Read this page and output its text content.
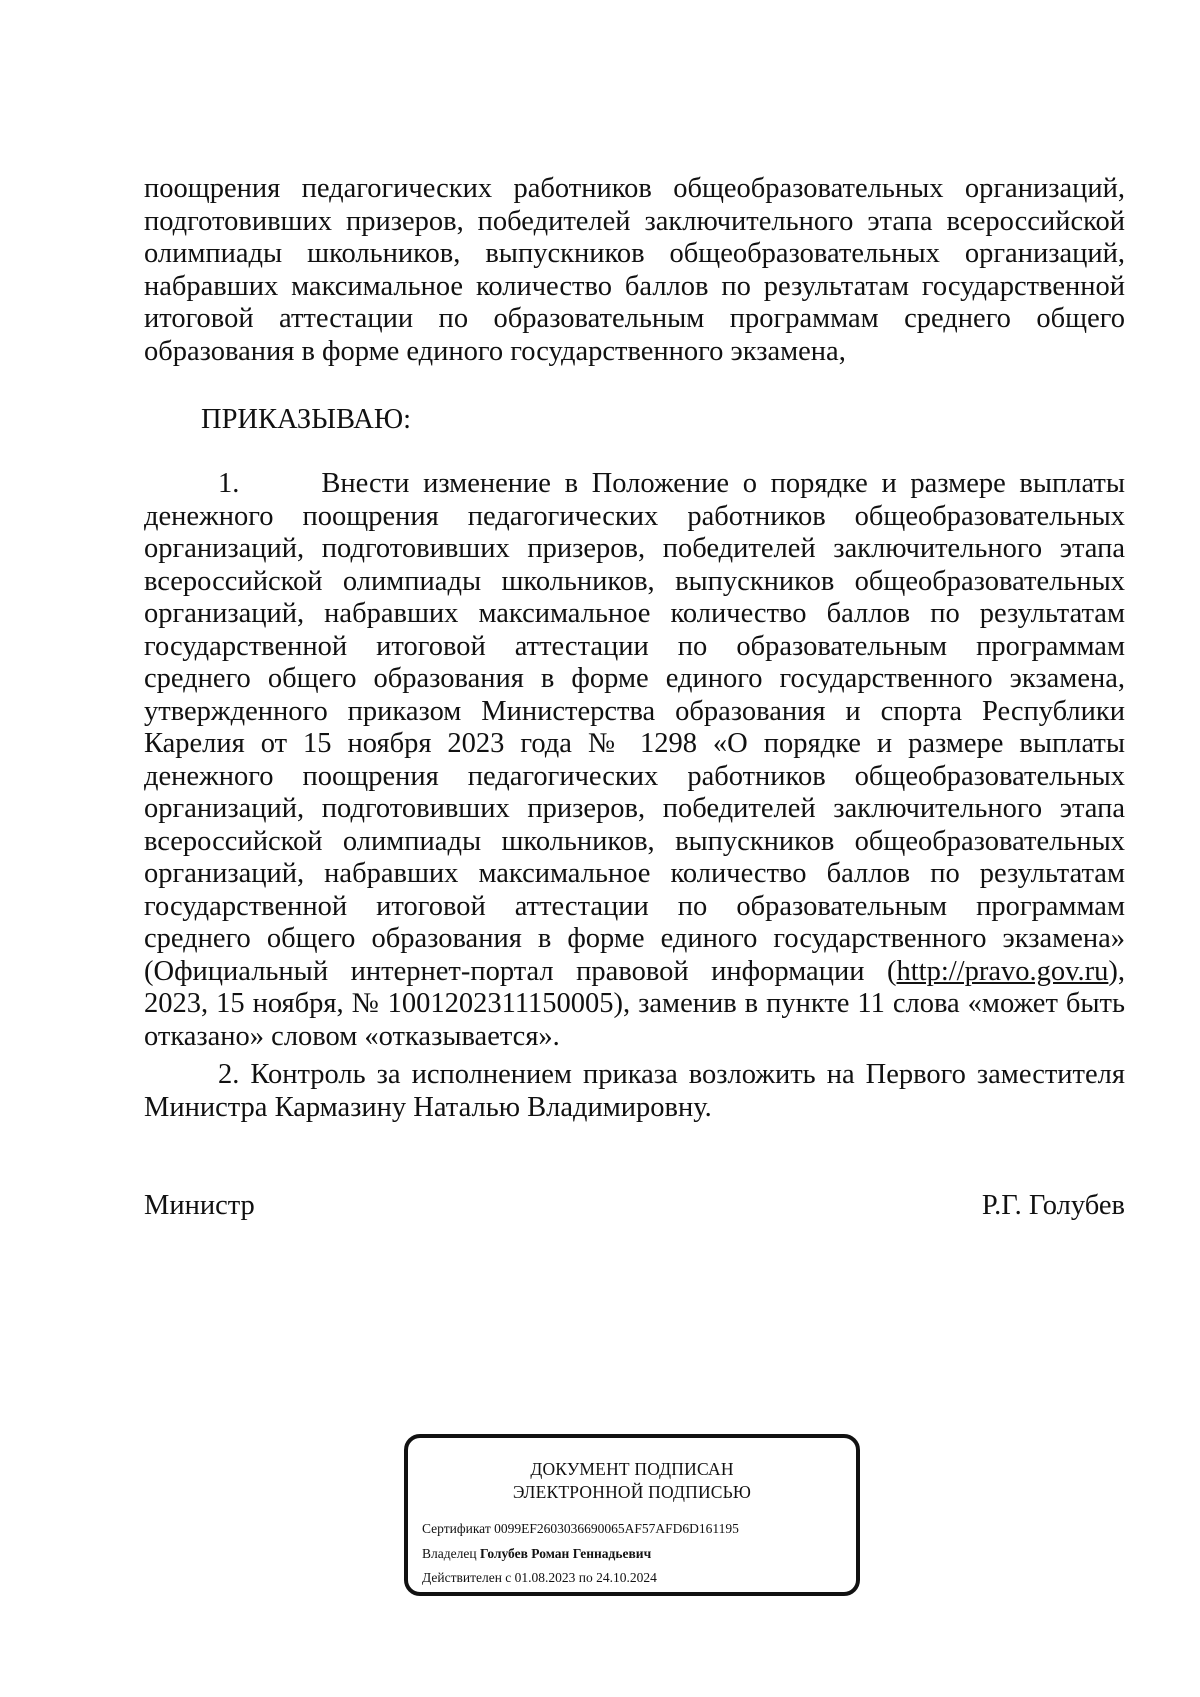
поощрения педагогических работников общеобразовательных организаций, подготовивших призеров, победителей заключительного этапа всероссийской олимпиады школьников, выпускников общеобразовательных организаций, набравших максимальное количество баллов по результатам государственной итоговой аттестации по образовательным программам среднего общего образования в форме единого государственного экзамена,

ПРИКАЗЫВАЮ:

1.	Внести изменение в Положение о порядке и размере выплаты денежного поощрения педагогических работников общеобразовательных организаций, подготовивших призеров, победителей заключительного этапа всероссийской олимпиады школьников, выпускников общеобразовательных организаций, набравших максимальное количество баллов по результатам государственной итоговой аттестации по образовательным программам среднего общего образования в форме единого государственного экзамена, утвержденного приказом Министерства образования и спорта Республики Карелия от 15 ноября 2023 года № 1298 «О порядке и размере выплаты денежного поощрения педагогических работников общеобразовательных организаций, подготовивших призеров, победителей заключительного этапа всероссийской олимпиады школьников, выпускников общеобразовательных организаций, набравших максимальное количество баллов по результатам государственной итоговой аттестации по образовательным программам среднего общего образования в форме единого государственного экзамена» (Официальный интернет-портал правовой информации (http://pravo.gov.ru), 2023, 15 ноября, № 1001202311150005), заменив в пункте 11 слова «может быть отказано» словом «отказывается».

2. Контроль за исполнением приказа возложить на Первого заместителя Министра Кармазину Наталью Владимировну.

Министр	Р.Г. Голубев
ДОКУМЕНТ ПОДПИСАН
ЭЛЕКТРОННОЙ ПОДПИСЬЮ
Сертификат 0099EF2603036690065AF57AFD6D161195
Владелец Голубев Роман Геннадьевич
Действителен с 01.08.2023 по 24.10.2024
